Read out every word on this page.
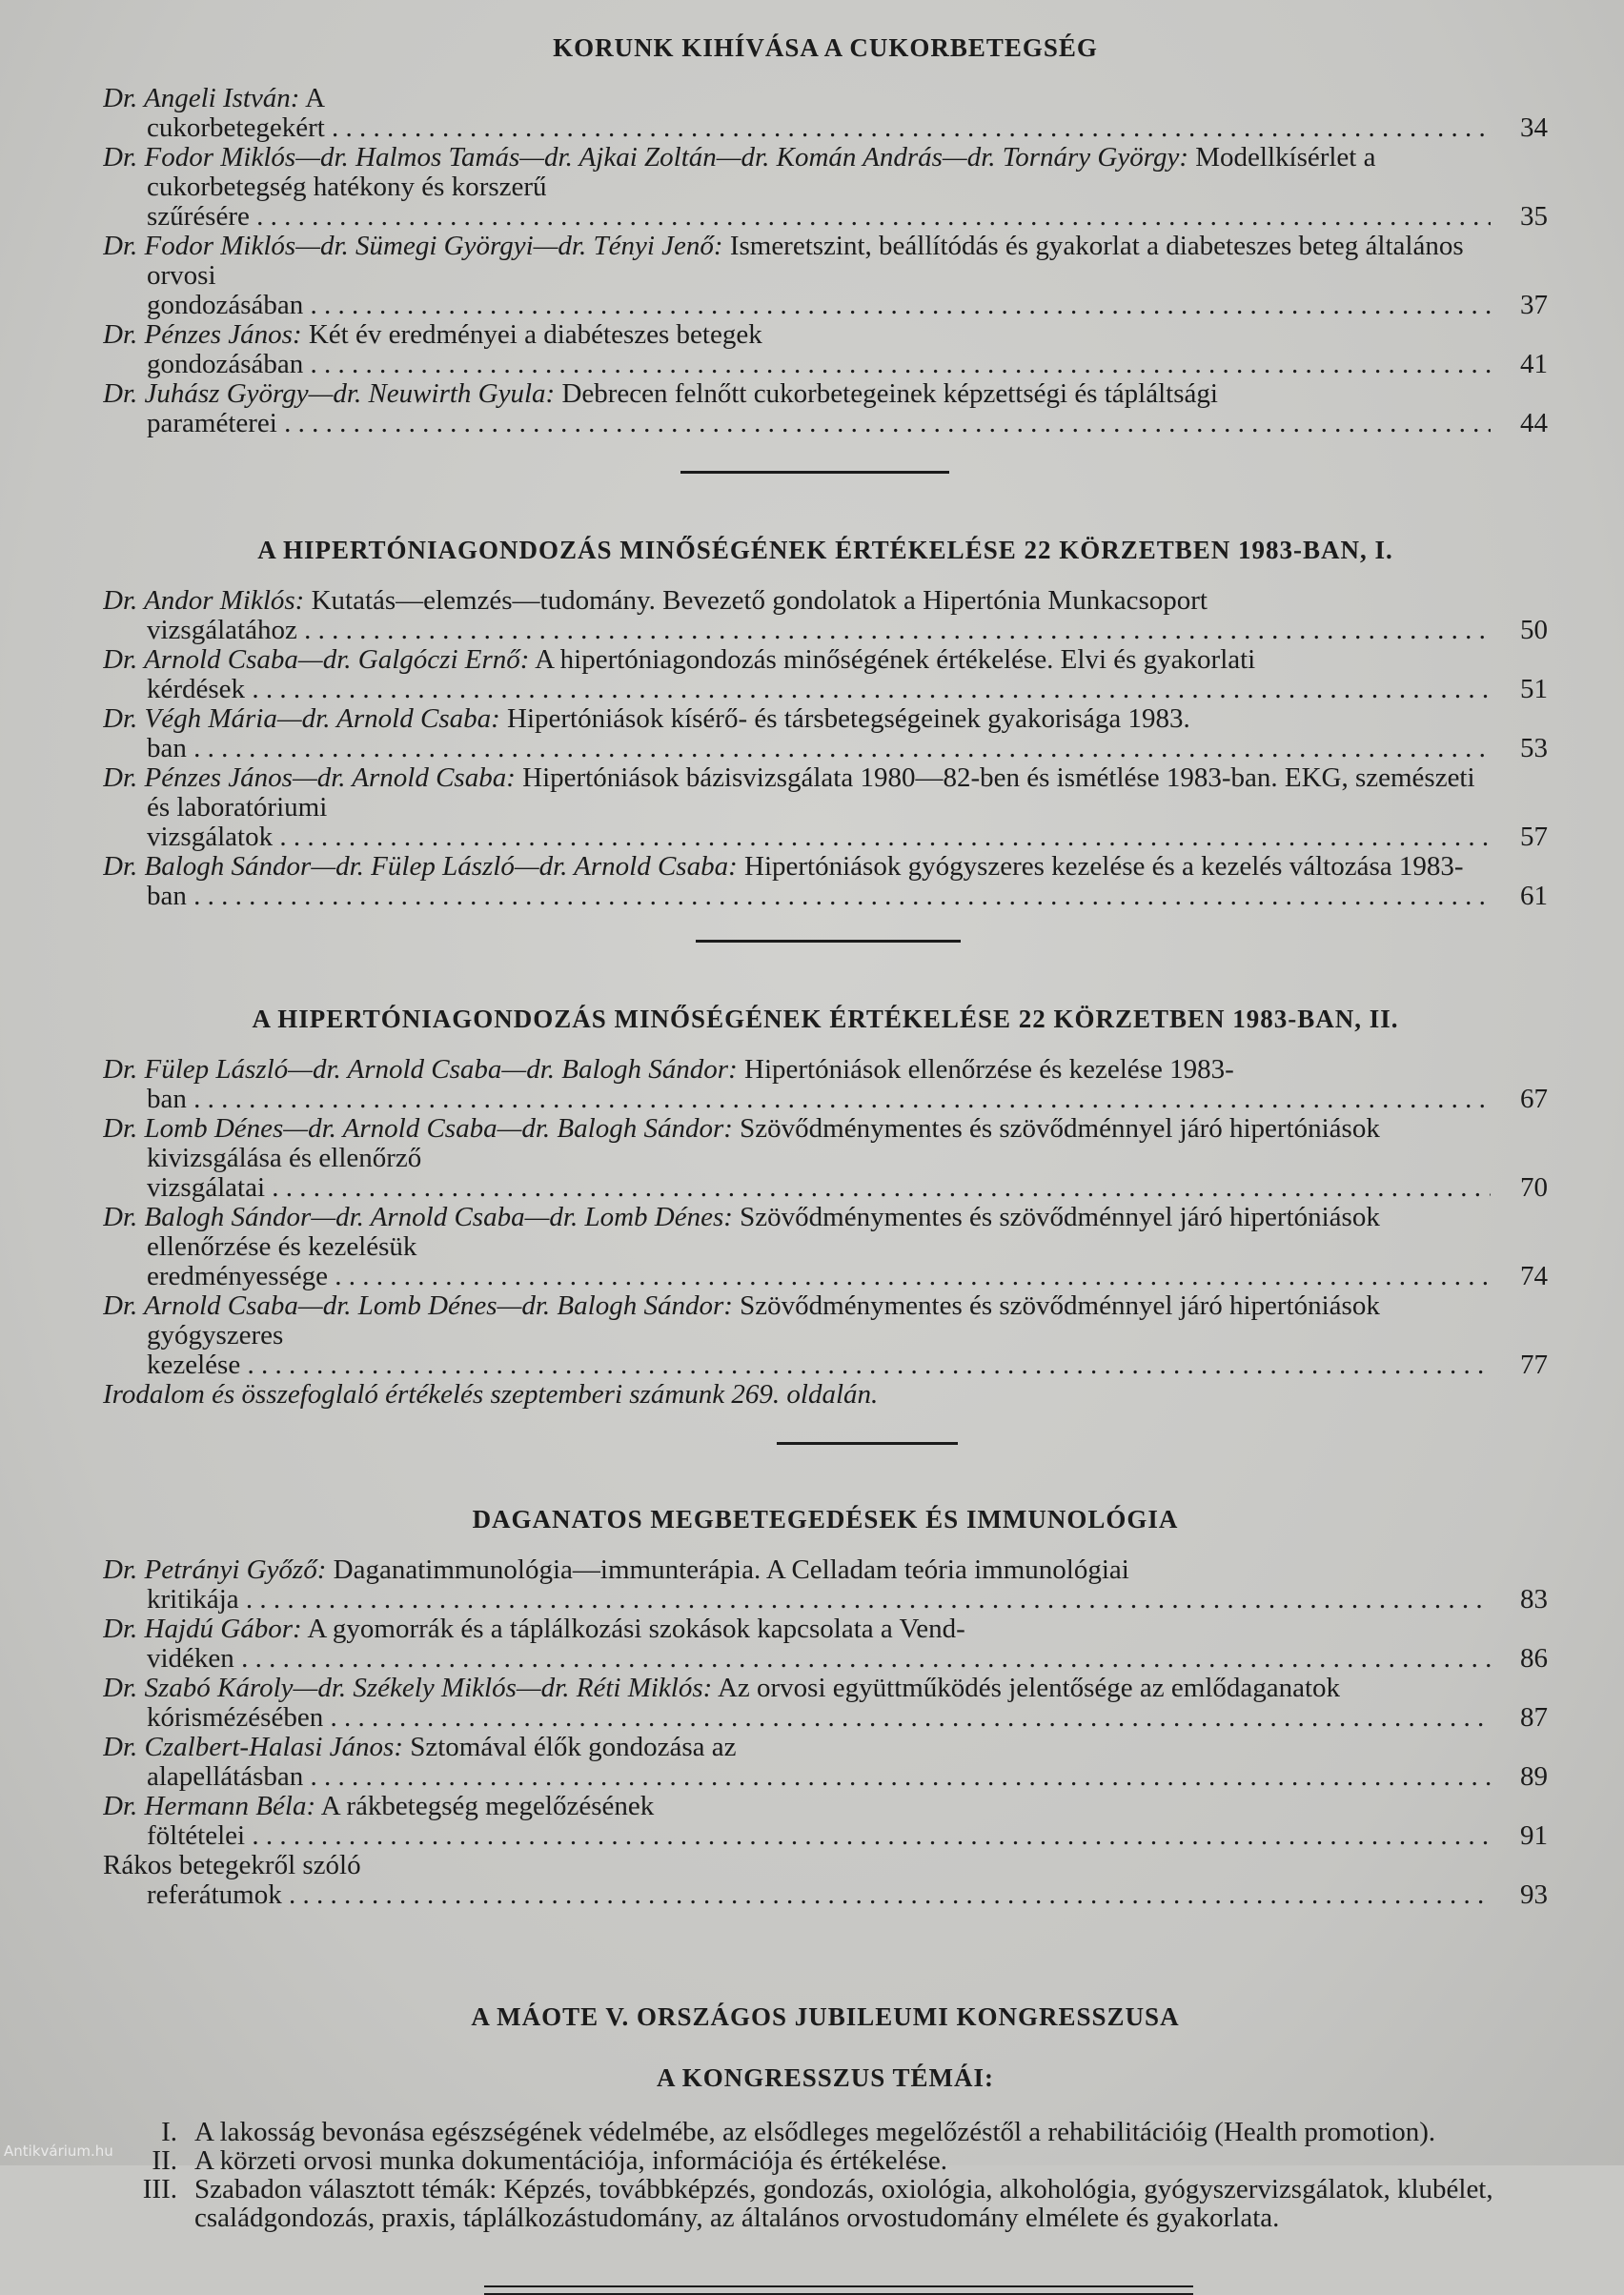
KORUNK KIHÍVÁSA A CUKORBETEGSÉG
Dr. Angeli István: A cukorbetegekért . . .	34
Dr. Fodor Miklós—dr. Halmos Tamás—dr. Ajkai Zoltán—dr. Komán András—dr. Tornáry György: Modellkísérlet a cukorbetegség hatékony és korszerű szűrésére . . .	35
Dr. Fodor Miklós—dr. Sümegi Györgyi—dr. Tényi Jenő: Ismeretszint, beállítódás és gyakorlat a diabeteszes beteg általános orvosi gondozásában . . .	37
Dr. Pénzes János: Két év eredményei a diabéteszes betegek gondozásában . . .	41
Dr. Juhász György—dr. Neuwirth Gyula: Debrecen felnőtt cukorbetegeinek képzettségi és tápláltsági paraméterei . . .	44
A HIPERTÓNIAGONDOZÁS MINŐSÉGÉNEK ÉRTÉKELÉSE 22 KÖRZETBEN 1983-BAN, I.
Dr. Andor Miklós: Kutatás—elemzés—tudomány. Bevezető gondolatok a Hipertónia Munkacsoport vizsgálatához . . .	50
Dr. Arnold Csaba—dr. Galgóczi Ernő: A hipertóniagondozás minőségének értékelése. Elvi és gyakorlati kérdések . . .	51
Dr. Végh Mária—dr. Arnold Csaba: Hipertóniások kísérő- és társbetegségeinek gyakorisága 1983. ban . . .	53
Dr. Pénzes János—dr. Arnold Csaba: Hipertóniások bázisvizsgálata 1980—82-ben és ismétlése 1983-ban. EKG, szemészeti és laboratóriumi vizsgálatok . . .	57
Dr. Balogh Sándor—dr. Fülep László—dr. Arnold Csaba: Hipertóniások gyógyszeres kezelése és a kezelés változása 1983-ban . . .	61
A HIPERTÓNIAGONDOZÁS MINŐSÉGÉNEK ÉRTÉKELÉSE 22 KÖRZETBEN 1983-BAN, II.
Dr. Fülep László—dr. Arnold Csaba—dr. Balogh Sándor: Hipertóniások ellenőrzése és kezelése 1983-ban . . .	67
Dr. Lomb Dénes—dr. Arnold Csaba—dr. Balogh Sándor: Szövődménymentes és szövődménnyel járó hipertóniások kivizsgálása és ellenőrző vizsgálatai . . .	70
Dr. Balogh Sándor—dr. Arnold Csaba—dr. Lomb Dénes: Szövődménymentes és szövődménnyel járó hipertóniások ellenőrzése és kezelésük eredményessége . . .	74
Dr. Arnold Csaba—dr. Lomb Dénes—dr. Balogh Sándor: Szövődménymentes és szövődménnyel járó hipertóniások gyógyszeres kezelése . . .	77
Irodalom és összefoglaló értékelés szeptemberi számunk 269. oldalán.
DAGANATOS MEGBETEGEDÉSEK ÉS IMMUNOLÓGIA
Dr. Petrányi Győző: Daganatimmunológia—immunterápia. A Celladam teória immunológiai kritikája . . .	83
Dr. Hajdú Gábor: A gyomorrák és a táplálkozási szokások kapcsolata a Vend-vidéken . . .	86
Dr. Szabó Károly—dr. Székely Miklós—dr. Réti Miklós: Az orvosi együttműködés jelentősége az emlődaganatok kórismézésében . . .	87
Dr. Czalbert-Halasi János: Sztomával élők gondozása az alapellátásban . . .	89
Dr. Hermann Béla: A rákbetegség megelőzésének föltételei . . .	91
Rákos betegekről szóló referátumok . . .	93
A MÁOTE V. ORSZÁGOS JUBILEUMI KONGRESSZUSA
A KONGRESSZUS TÉMÁI:
I. A lakosság bevonása egészségének védelmébe, az elsődleges megelőzéstől a rehabilitációig (Health promotion).
II. A körzeti orvosi munka dokumentációja, információja és értékelése.
III. Szabadon választott témák: Képzés, továbbképzés, gondozás, oxiológia, alkohológia, gyógyszervizsgálatok, klubélet, családgondozás, praxis, táplálkozástudomány, az általános orvostudomány elmélete és gyakorlata.
Antikvárium.hu
